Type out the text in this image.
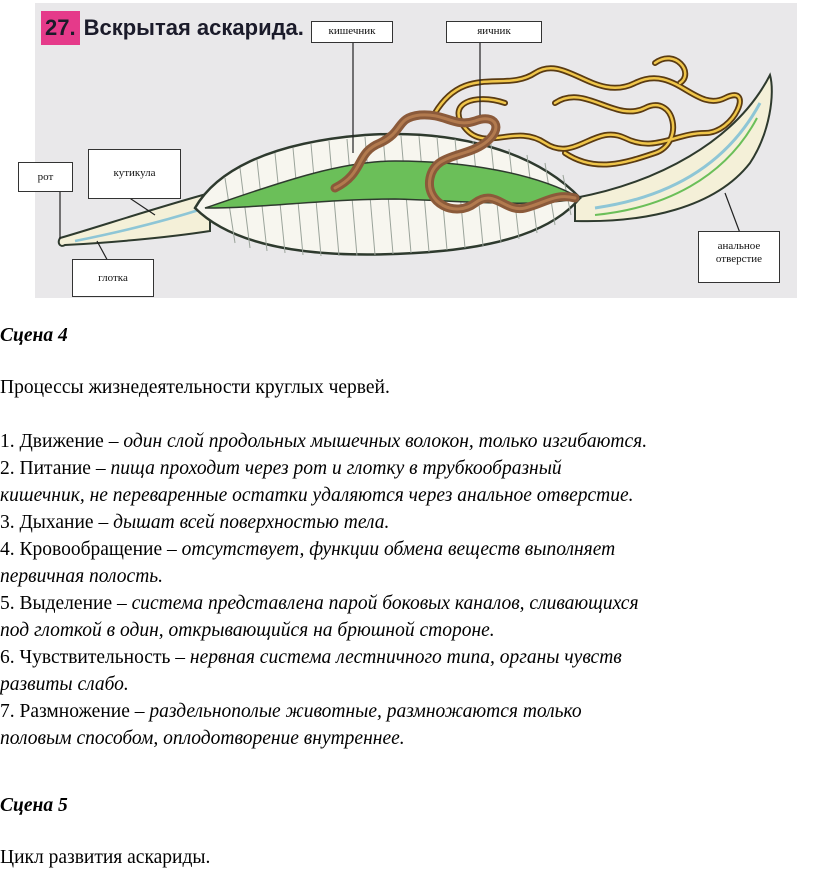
27. Вскрытая аскарида.	кишечник	яичник
рот	кутикула
глотка
анальное
отверстие
Сцена 4
Процессы жизнедеятельности круглых червей.
1. Движение – один слой продольных мышечных волокон, только изгибаются.
2. Питание – пища проходит через рот и глотку в трубкообразный
кишечник, не переваренные остатки удаляются через анальное отверстие.
3. Дыхание – дышат всей поверхностью тела.
4. Кровообращение – отсутствует, функции обмена веществ выполняет
первичная полость.
5. Выделение – система представлена парой боковых каналов, сливающихся
под глоткой в один, открывающийся на брюшной стороне.
6. Чувствительность – нервная система лестничного типа, органы чувств
развиты слабо.
7. Размножение – раздельнополые животные, размножаются только
половым способом, оплодотворение внутреннее.
Сцена 5
Цикл развития аскариды.
